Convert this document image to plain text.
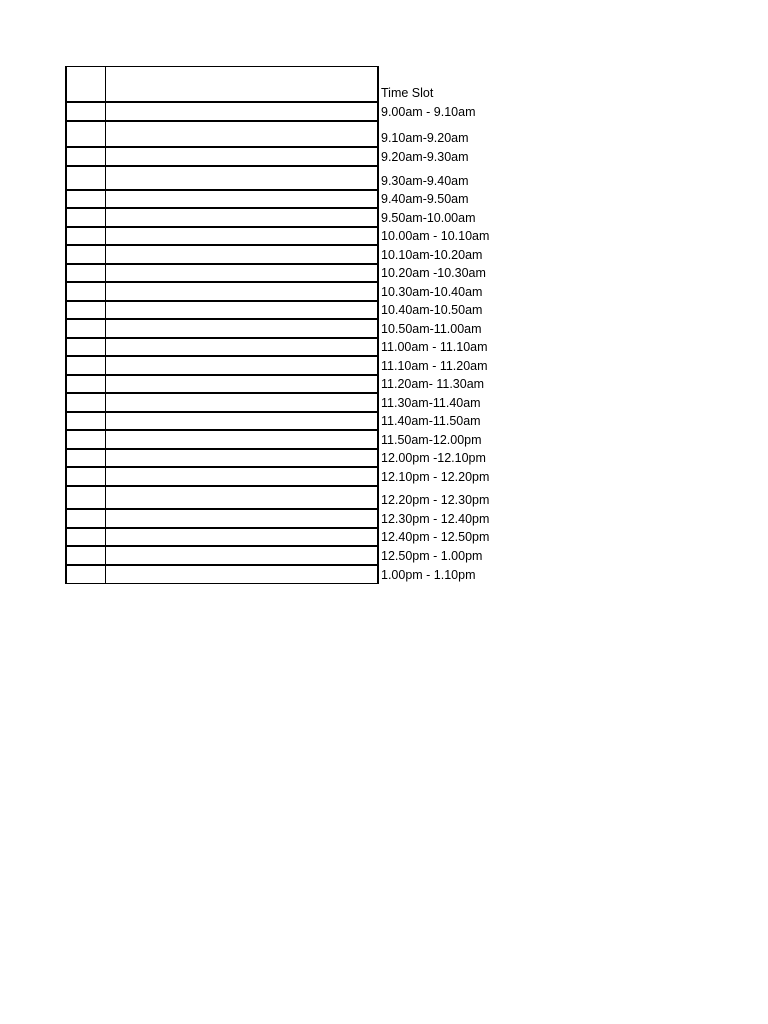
Time Slot
9.00am - 9.10am
9.10am-9.20am
9.20am-9.30am
9.30am-9.40am
9.40am-9.50am
9.50am-10.00am
10.00am - 10.10am
10.10am-10.20am
10.20am -10.30am
10.30am-10.40am
10.40am-10.50am
10.50am-11.00am
11.00am - 11.10am
11.10am - 11.20am
11.20am- 11.30am
11.30am-11.40am
11.40am-11.50am
11.50am-12.00pm
12.00pm -12.10pm
12.10pm - 12.20pm
12.20pm - 12.30pm
12.30pm - 12.40pm
12.40pm - 12.50pm
12.50pm - 1.00pm
1.00pm - 1.10pm
